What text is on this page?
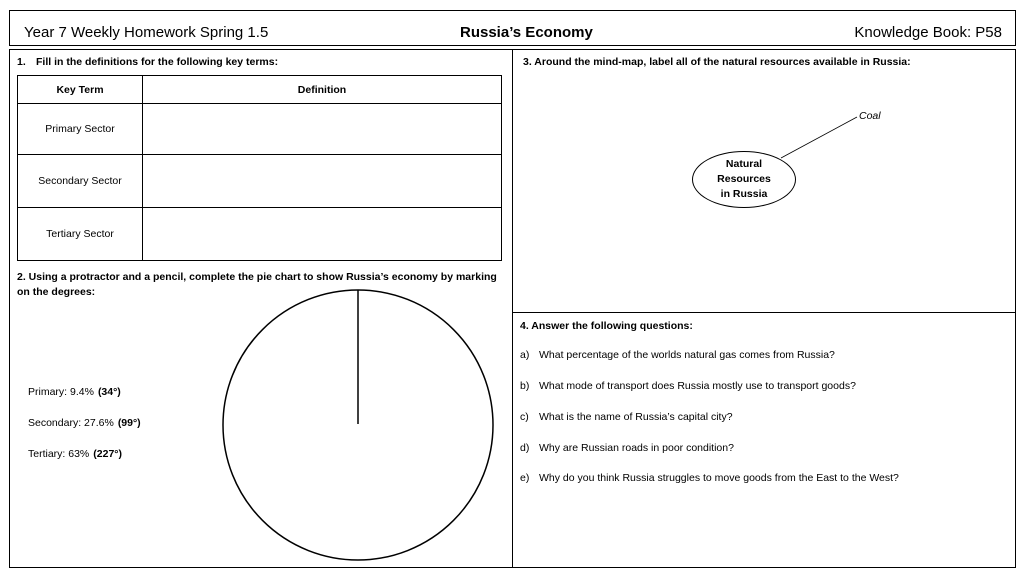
Year 7 Weekly Homework Spring 1.5	Russia’s Economy	Knowledge Book: P58
1. Fill in the definitions for the following key terms:
Key Term	Definition
Primary Sector	
Secondary Sector	
Tertiary Sector	
2. Using a protractor and a pencil, complete the pie chart to show Russia’s economy by marking on the degrees:
Primary: 9.4% (34°)
Secondary: 27.6% (99°)
Tertiary: 63% (227°)
3. Around the mind-map, label all of the natural resources available in Russia:
Coal
Natural Resources in Russia
4. Answer the following questions:
a) What percentage of the worlds natural gas comes from Russia?
b) What mode of transport does Russia mostly use to transport goods?
c) What is the name of Russia’s capital city?
d) Why are Russian roads in poor condition?
e) Why do you think Russia struggles to move goods from the East to the West?
